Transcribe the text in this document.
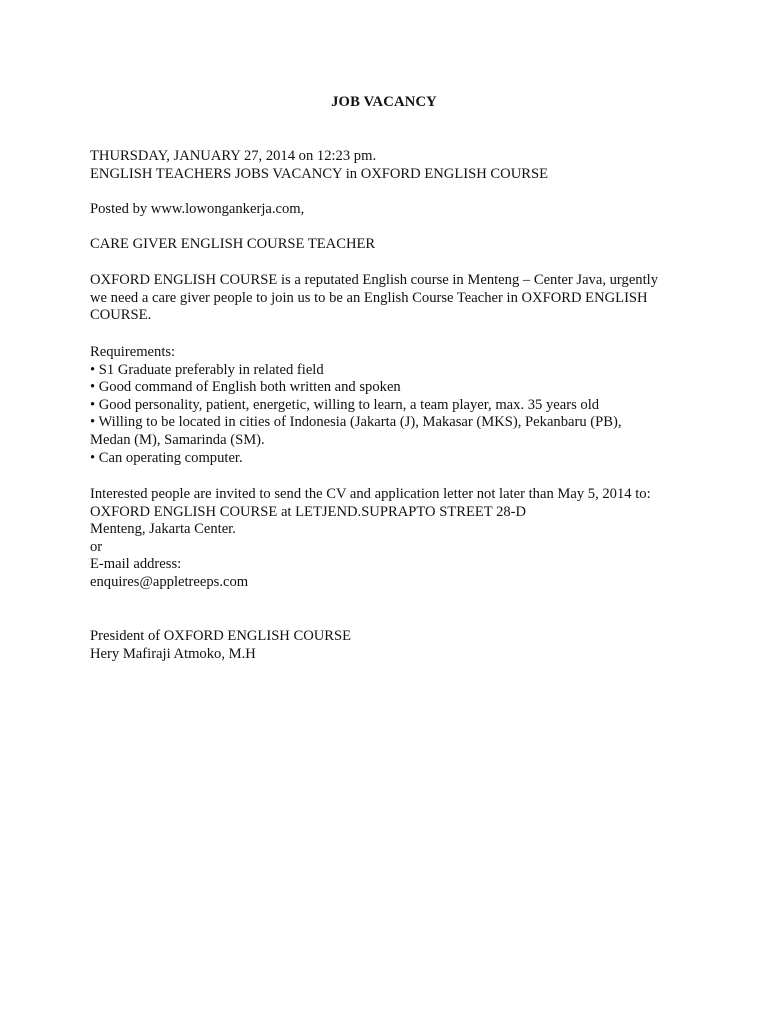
JOB VACANCY
THURSDAY, JANUARY 27, 2014 on 12:23 pm.
ENGLISH TEACHERS JOBS VACANCY in OXFORD ENGLISH COURSE
Posted by www.lowongankerja.com,
CARE GIVER ENGLISH COURSE TEACHER
OXFORD ENGLISH COURSE is a reputated English course in Menteng – Center Java, urgently
we need a care giver people to join us to be an English Course Teacher in OXFORD ENGLISH
COURSE.
Requirements:
• S1 Graduate preferably in related field
• Good command of English both written and spoken
• Good personality, patient, energetic, willing to learn, a team player, max. 35 years old
• Willing to be located in cities of Indonesia (Jakarta (J), Makasar (MKS), Pekanbaru (PB),
Medan (M), Samarinda (SM).
• Can operating computer.
Interested people are invited to send the CV and application letter not later than May 5, 2014 to:
OXFORD ENGLISH COURSE at LETJEND.SUPRAPTO STREET 28-D
Menteng, Jakarta Center.
or
E-mail address:
enquires@appletreeps.com
President of OXFORD ENGLISH COURSE
Hery Mafiraji Atmoko, M.H
